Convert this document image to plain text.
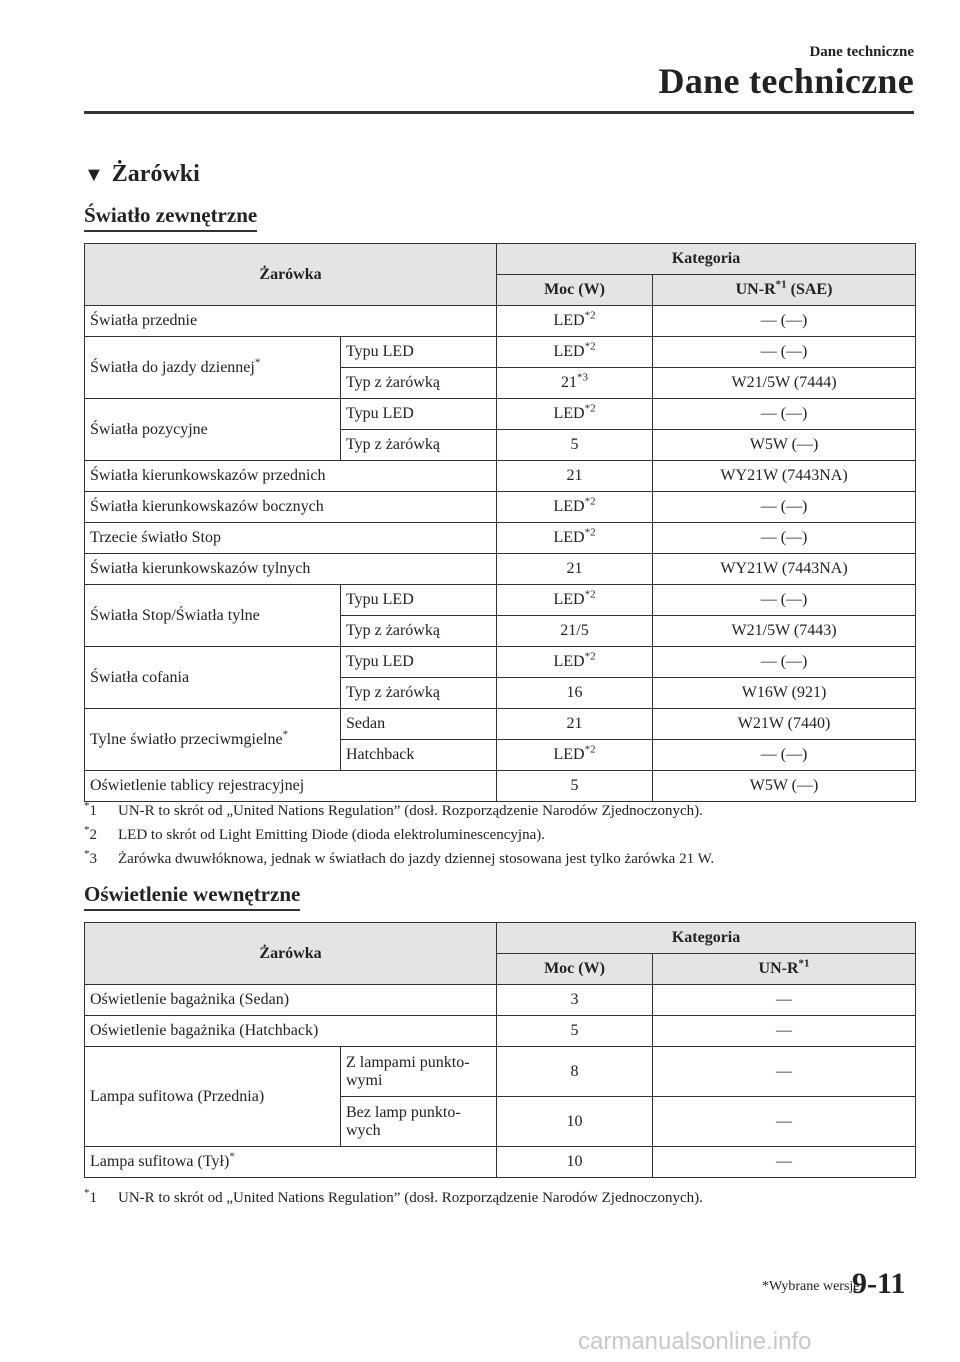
Dane techniczne
Dane techniczne
▼ Żarówki
Światło zewnętrzne
Żarówka		Kategoria	
		Moc (W)	$UN-R^{*1}$ (SAE)
Światła przednie		LED$^{*2}$	― (―)
Światła do jazdy dziennej*	Typu LED	LED$^{*2}$	― (―)
	Typ z żarówką	21$^{*3}$	W21/5W (7444)
Światła pozycyjne	Typu LED	LED$^{*2}$	― (―)
	Typ z żarówką	5	W5W (―)
Światła kierunkowskazów przednich		21	WY21W (7443NA)
Światła kierunkowskazów bocznych		LED$^{*2}$	― (―)
Trzecie światło Stop		LED$^{*2}$	― (―)
Światła kierunkowskazów tylnych		21	WY21W (7443NA)
Światła Stop/Światła tylne	Typu LED	LED$^{*2}$	― (―)
	Typ z żarówką	21/5	W21/5W (7443)
Światła cofania	Typu LED	LED$^{*2}$	― (―)
	Typ z żarówką	16	W16W (921)
Tylne światło przeciwmgielne*	Sedan	21	W21W (7440)
	Hatchback	LED$^{*2}$	― (―)
Oświetlenie tablicy rejestracyjnej		5	W5W (―)
*1	UN-R to skrót od „United Nations Regulation” (dosł. Rozporządzenie Narodów Zjednoczonych).
*2	LED to skrót od Light Emitting Diode (dioda elektroluminescencyjna).
*3	Żarówka dwuwłóknowa, jednak w światłach do jazdy dziennej stosowana jest tylko żarówka 21 W.
Oświetlenie wewnętrzne
Żarówka		Kategoria	
		Moc (W)	$UN-R^{*1}$
Oświetlenie bagażnika (Sedan)		3	―
Oświetlenie bagażnika (Hatchback)		5	―
Lampa sufitowa (Przednia)	Z lampami punkto-wymi	8	―
	Bez lamp punkto-wych	10	―
Lampa sufitowa (Tył)*		10	―
*1	UN-R to skrót od „United Nations Regulation” (dosł. Rozporządzenie Narodów Zjednoczonych).
*Wybrane wersje.
9-11
carmanualsonline.info
